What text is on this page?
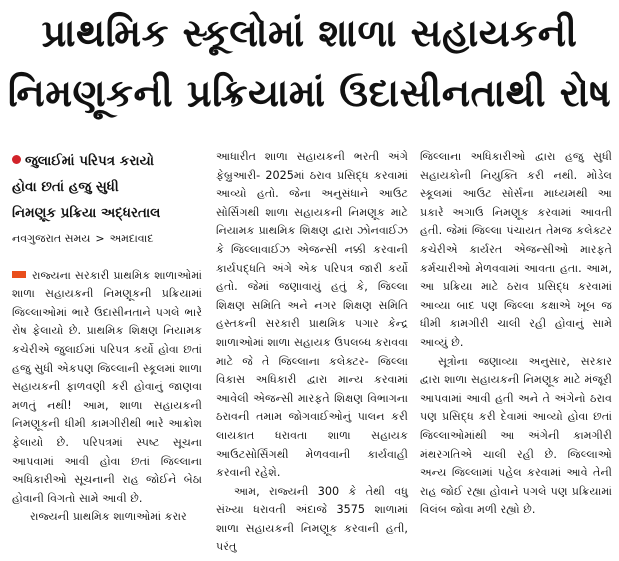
પ્રાથમિક સ્કૂલોમાં શાળા સહાયકની
નિમણૂકની પ્રક્રિયામાં ઉદાસીનતાથી રોષ
જુલાઈમાં પરિપત્ર કરાયો
હોવા છતાં હજુ સુધી
નિમણૂક પ્રક્રિયા અદ્ધરતાલ
નવગુજરાત સમય > અમદાવાદ

રાજ્યના સરકારી પ્રાથમિક શાળાઓમાં શાળા સહાયકની નિમણૂકની પ્રક્રિયામાં જિલ્લાઓમાં ભારે ઉદાસીનતાને પગલે ભારે રોષ ફેલાયો છે. પ્રાથમિક શિક્ષણ નિયામક કચેરીએ જુલાઈમાં પરિપત્ર કર્યો હોવા છતાં હજુ સુધી એકપણ જિલ્લાની સ્કૂલમાં શાળા સહાયકની ફાળવણી કરી હોવાનું જાણવા મળતું નથી! આમ, શાળા સહાયકની નિમણૂકની ધીમી કામગીરીથી ભારે આક્રોશ ફેલાયો છે. પરિપત્રમાં સ્પષ્ટ સૂચના આપવામાં આવી હોવા છતાં જિલ્લાના અધિકારીઓ સૂચનાની રાહ જોઈને બેઠા હોવાની વિગતો સામે આવી છે.

રાજ્યની પ્રાથમિક શાળાઓમાં કરાર

આધારીત શાળા સહાયકની ભરતી અંગે ફેબ્રુઆરી- 2025માં ઠરાવ પ્રસિદ્ધ કરવામાં આવ્યો હતો. જેના અનુસંધાને આઉટ સોર્સિંગથી શાળા સહાયકની નિમણૂક માટે નિયામક પ્રાથમિક શિક્ષણ દ્વારા ઝોનવાઈઝ કે જિલ્લાવાઈઝ એજન્સી નક્કી કરવાની કાર્યપદ્ધતિ અંગે એક પરિપત્ર જારી કર્યો હતો. જેમાં જણાવાયું હતું કે, જિલ્લા શિક્ષણ સમિતિ અને નગર શિક્ષણ સમિતિ હસ્તકની સરકારી પ્રાથમિક પગાર કેન્દ્ર શાળાઓમાં શાળા સહાયક ઉપલબ્ધ કરાવવા માટે જે તે જિલ્લાના કલેક્ટર- જિલ્લા વિકાસ અધિકારી દ્વારા માન્ય કરવામાં આવેલી એજન્સી મારફતે શિક્ષણ વિભાગના ઠરાવની તમામ જોગવાઈઓનું પાલન કરી લાયકાત ધરાવતા શાળા સહાયક આઉટસોર્સિંગથી મેળવવાની કાર્યવાહી કરવાની રહેશે.

આમ, રાજ્યની 300 કે તેથી વધુ સંખ્યા ધરાવતી અંદાજે 3575 શાળામાં શાળા સહાયકની નિમણૂક કરવાની હતી, પરંતુ

જિલ્લાના અધિકારીઓ દ્વારા હજુ સુધી સહાયકોની નિયુક્તિ કરી નથી. મોડેલ સ્કૂલમાં આઉટ સોર્સના માધ્યમથી આ પ્રકારે અગાઉ નિમણૂક કરવામાં આવતી હતી. જેમાં જિલ્લા પંચાયત તેમજ કલેક્ટર કચેરીએ કાર્યરત એજન્સીઓ મારફતે કર્મચારીઓ મેળવવામાં આવતા હતા. આમ, આ પ્રક્રિયા માટે ઠરાવ પ્રસિદ્ધ કરવામાં આવ્યા બાદ પણ જિલ્લા કક્ષાએ ખૂબ જ ધીમી કામગીરી ચાલી રહી હોવાનું સામે આવ્યું છે.

સૂત્રોના જણાવ્યા અનુસાર, સરકાર દ્વારા શાળા સહાયકની નિમણૂક માટે મંજૂરી આપવામાં આવી હતી અને તે અંગેનો ઠરાવ પણ પ્રસિદ્ધ કરી દેવામાં આવ્યો હોવા છતાં જિલ્લાઓમાંથી આ અંગેની કામગીરી મંથરગતિએ ચાલી રહી છે. જિલ્લાઓ અન્ય જિલ્લામાં પહેલ કરવામાં આવે તેની રાહ જોઈ રહ્યા હોવાને પગલે પણ પ્રક્રિયામાં વિલંબ જોવા મળી રહ્યો છે.
